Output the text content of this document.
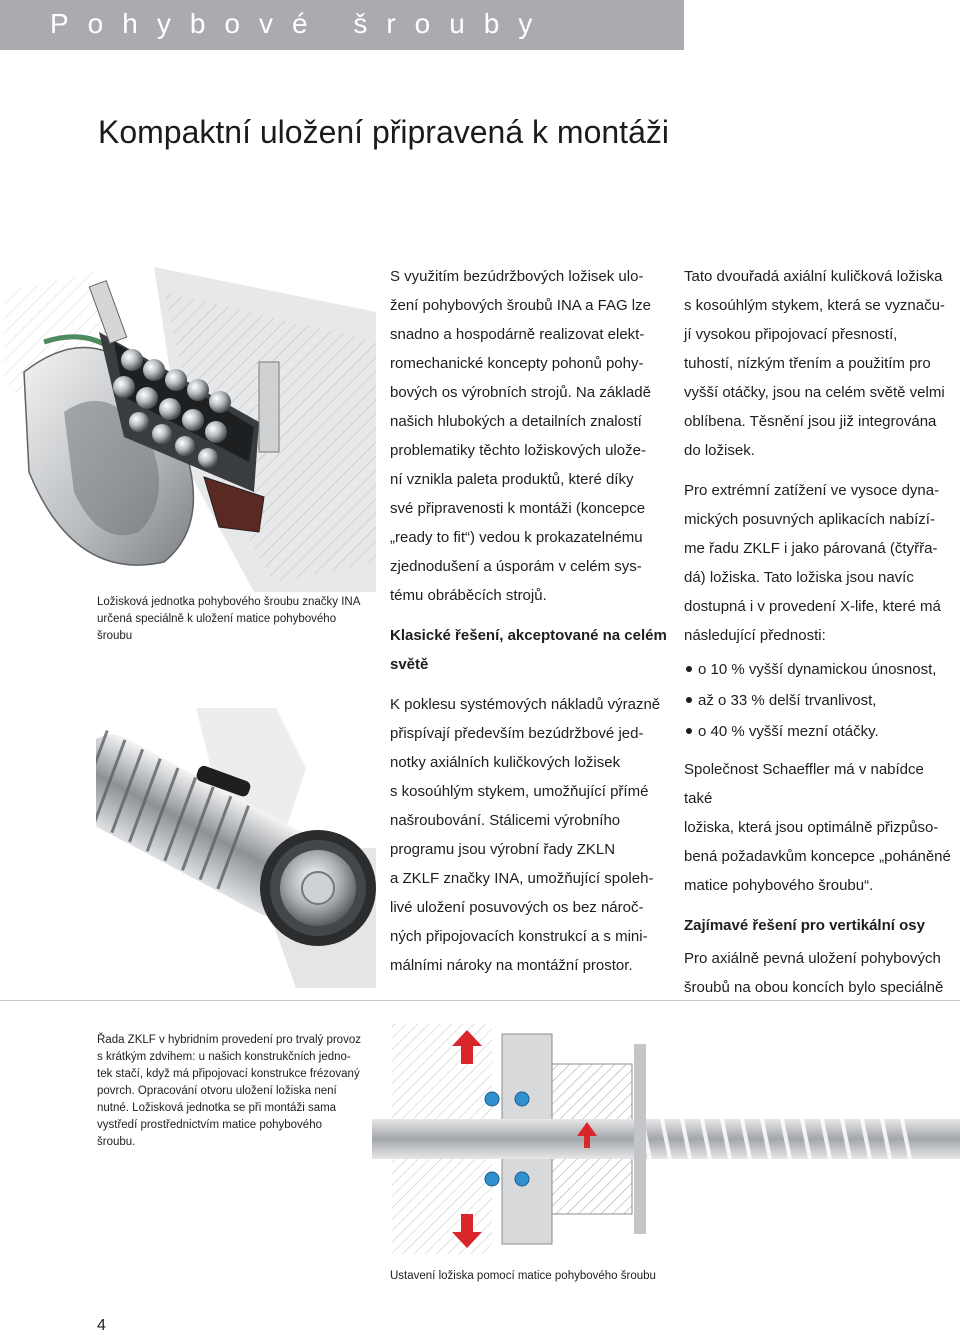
Pohybové šrouby
Kompaktní uložení připravená k montáži
Ložisková jednotka pohybového šroubu značky INA
určená speciálně k uložení matice pohybového
šroubu
Řada ZKLF v hybridním provedení pro trvalý provoz
s krátkým zdvihem: u našich konstrukčních jedno-
tek stačí, když má připojovací konstrukce frézovaný
povrch. Opracování otvoru uložení ložiska není
nutné. Ložisková jednotka se při montáži sama
vystředí prostřednictvím matice pohybového
šroubu.
Ustavení ložiska pomocí matice pohybového šroubu

S využitím bezúdržbových ložisek ulo-
žení pohybových šroubů INA a FAG lze
snadno a hospodárně realizovat elekt-
romechanické koncepty pohonů pohy-
bových os výrobních strojů. Na základě
našich hlubokých a detailních znalostí
problematiky těchto ložiskových ulože-
ní vznikla paleta produktů, které díky
své připravenosti k montáži (koncepce
„ready to fit“) vedou k prokazatelnému
zjednodušení a úsporám v celém sys-
tému obráběcích strojů.

Klasické řešení, akceptované na celém
světě

K poklesu systémových nákladů výrazně
přispívají především bezúdržbové jed-
notky axiálních kuličkových ložisek
s kosoúhlým stykem, umožňující přímé
našroubování. Stálicemi výrobního
programu jsou výrobní řady ZKLN
a ZKLF značky INA, umožňující spoleh-
livé uložení posuvových os bez nároč-
ných připojovacích konstrukcí a s mini-
málními nároky na montážní prostor.

Tato dvouřadá axiální kuličková ložiska
s kosoúhlým stykem, která se vyznaču-
jí vysokou připojovací přesností,
tuhostí, nízkým třením a použitím pro
vyšší otáčky, jsou na celém světě velmi
oblíbena. Těsnění jsou již integrována
do ložisek.

Pro extrémní zatížení ve vysoce dyna-
mických posuvných aplikacích nabízí-
me řadu ZKLF i jako párovaná (čtyřřa-
dá) ložiska. Tato ložiska jsou navíc
dostupná i v provedení X-life, které má
následující přednosti:

o 10 % vyšší dynamickou únosnost,
až o 33 % delší trvanlivost,
o 40 % vyšší mezní otáčky.

Společnost Schaeffler má v nabídce také
ložiska, která jsou optimálně přizpůso-
bená požadavkům koncepce „poháněné
matice pohybového šroubu“.

Zajímavé řešení pro vertikální osy

Pro axiálně pevná uložení pohybových
šroubů na obou koncích bylo speciálně

4
